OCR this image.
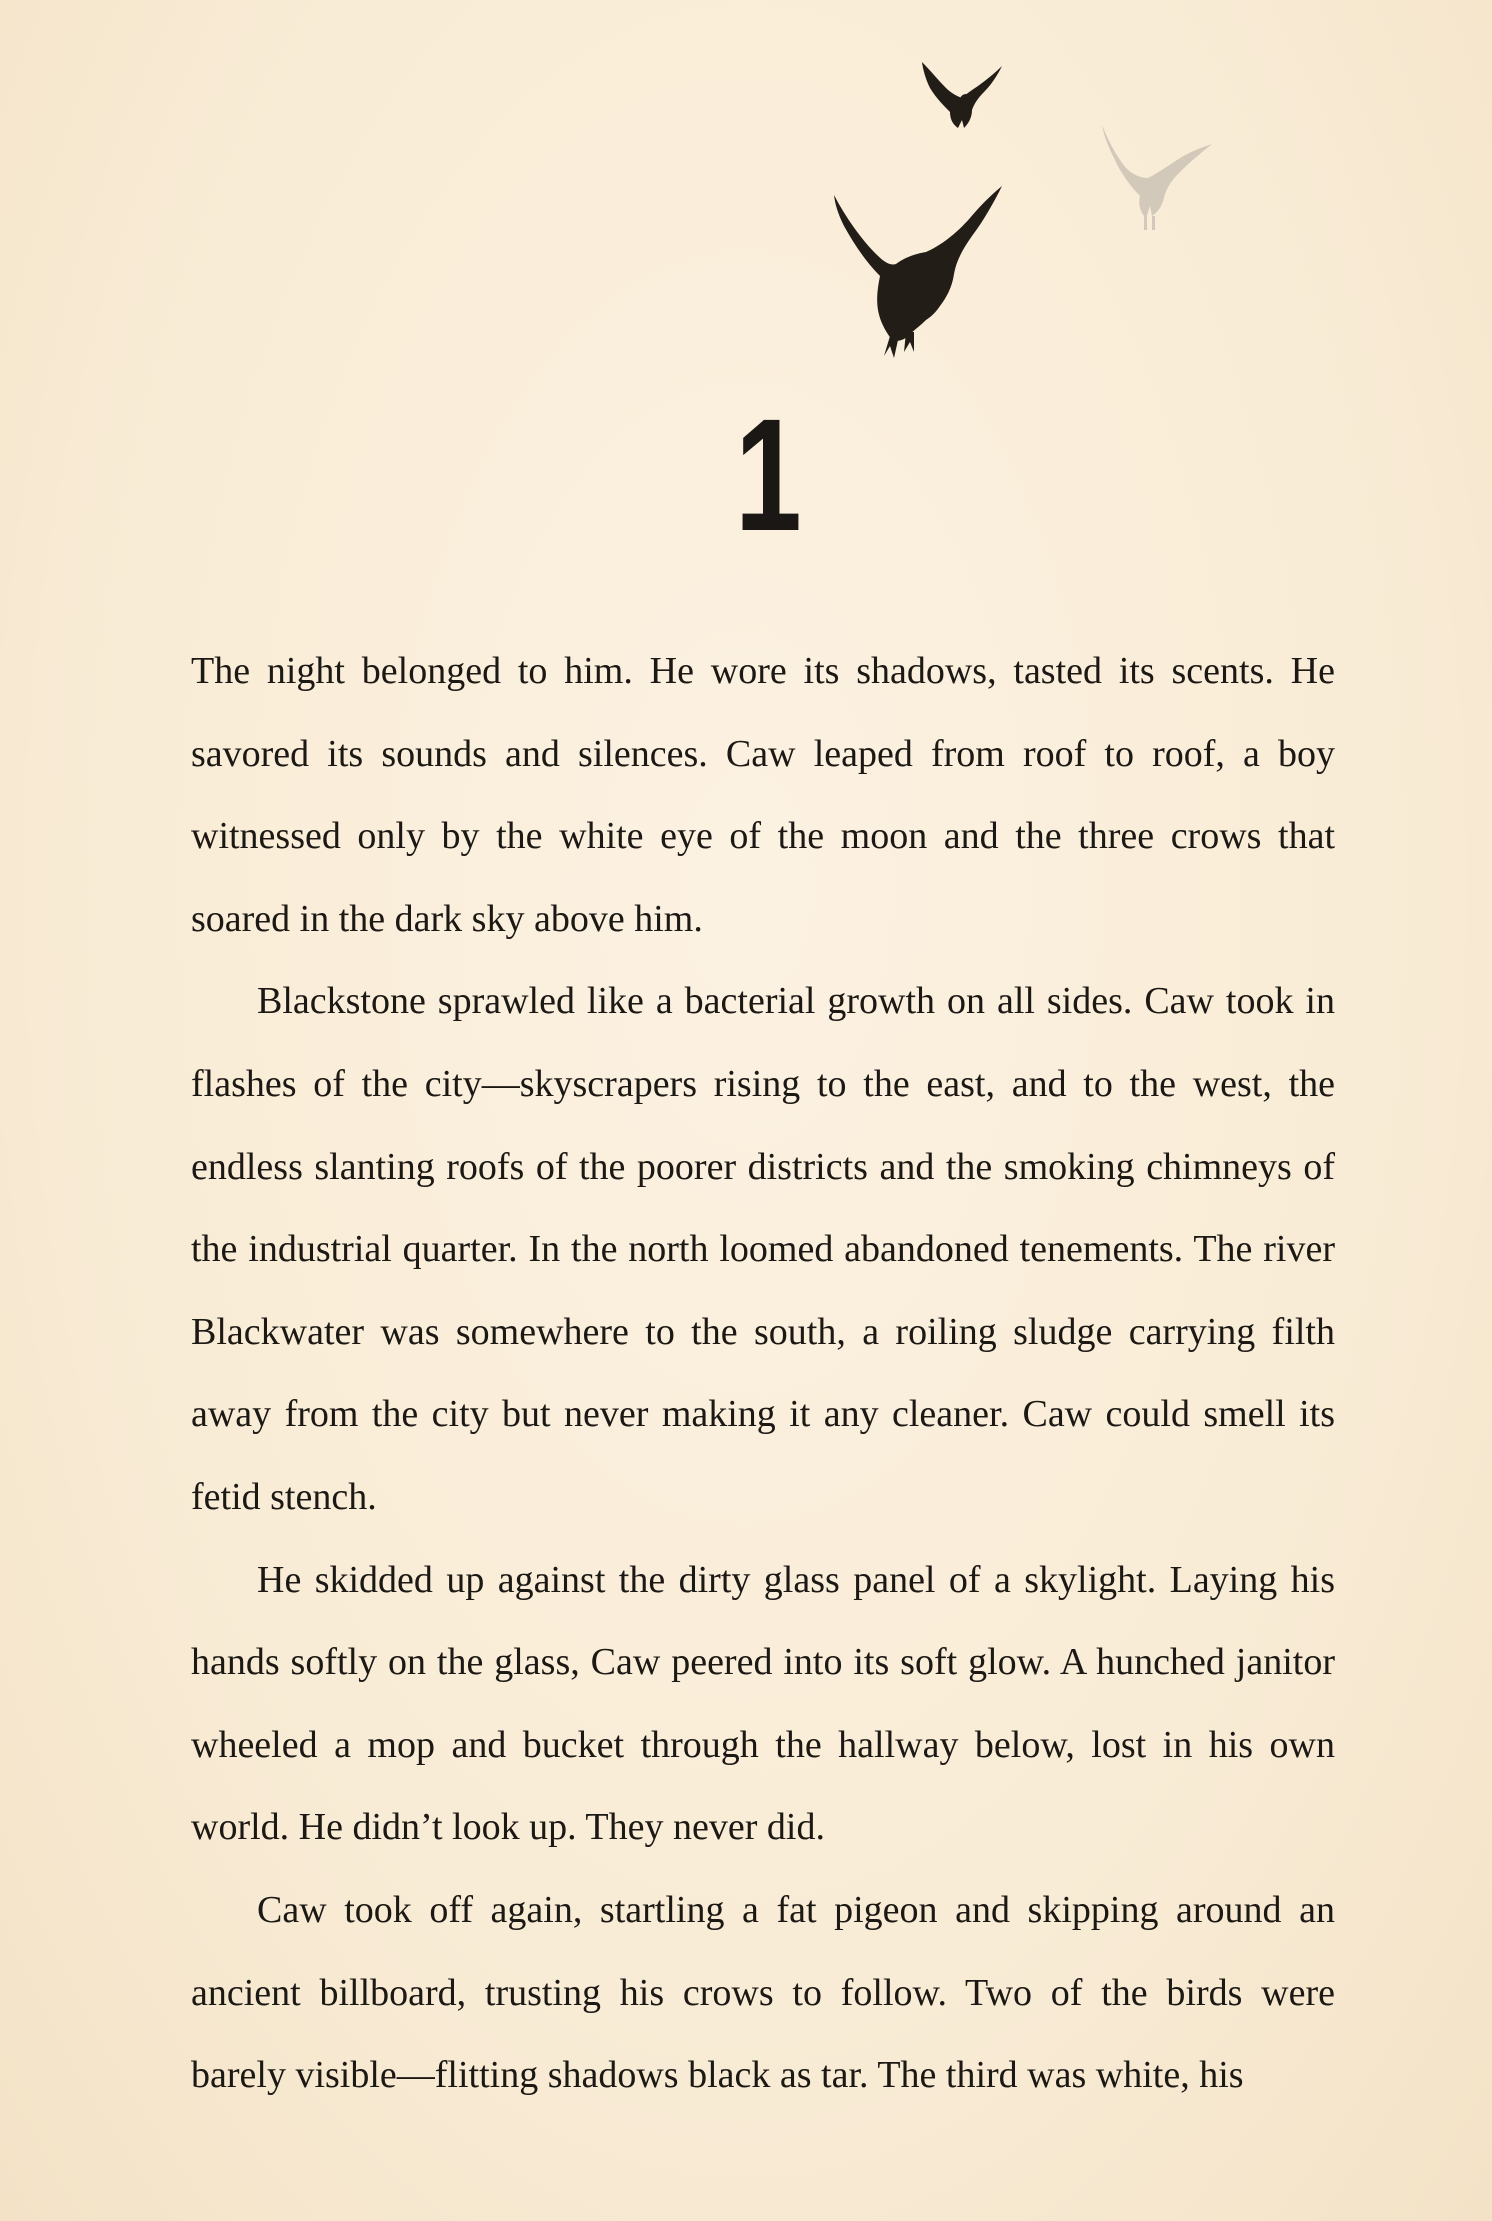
1

The night belonged to him. He wore its shadows, tasted its scents. He savored its sounds and silences. Caw leaped from roof to roof, a boy witnessed only by the white eye of the moon and the three crows that soared in the dark sky above him.

Blackstone sprawled like a bacterial growth on all sides. Caw took in flashes of the city—skyscrapers rising to the east, and to the west, the endless slanting roofs of the poorer districts and the smoking chimneys of the industrial quarter. In the north loomed abandoned tenements. The river Blackwater was somewhere to the south, a roiling sludge carrying filth away from the city but never making it any cleaner. Caw could smell its fetid stench.

He skidded up against the dirty glass panel of a skylight. Laying his hands softly on the glass, Caw peered into its soft glow. A hunched janitor wheeled a mop and bucket through the hallway below, lost in his own world. He didn’t look up. They never did.

Caw took off again, startling a fat pigeon and skipping around an ancient billboard, trusting his crows to follow. Two of the birds were barely visible—flitting shadows black as tar. The third was white, his
